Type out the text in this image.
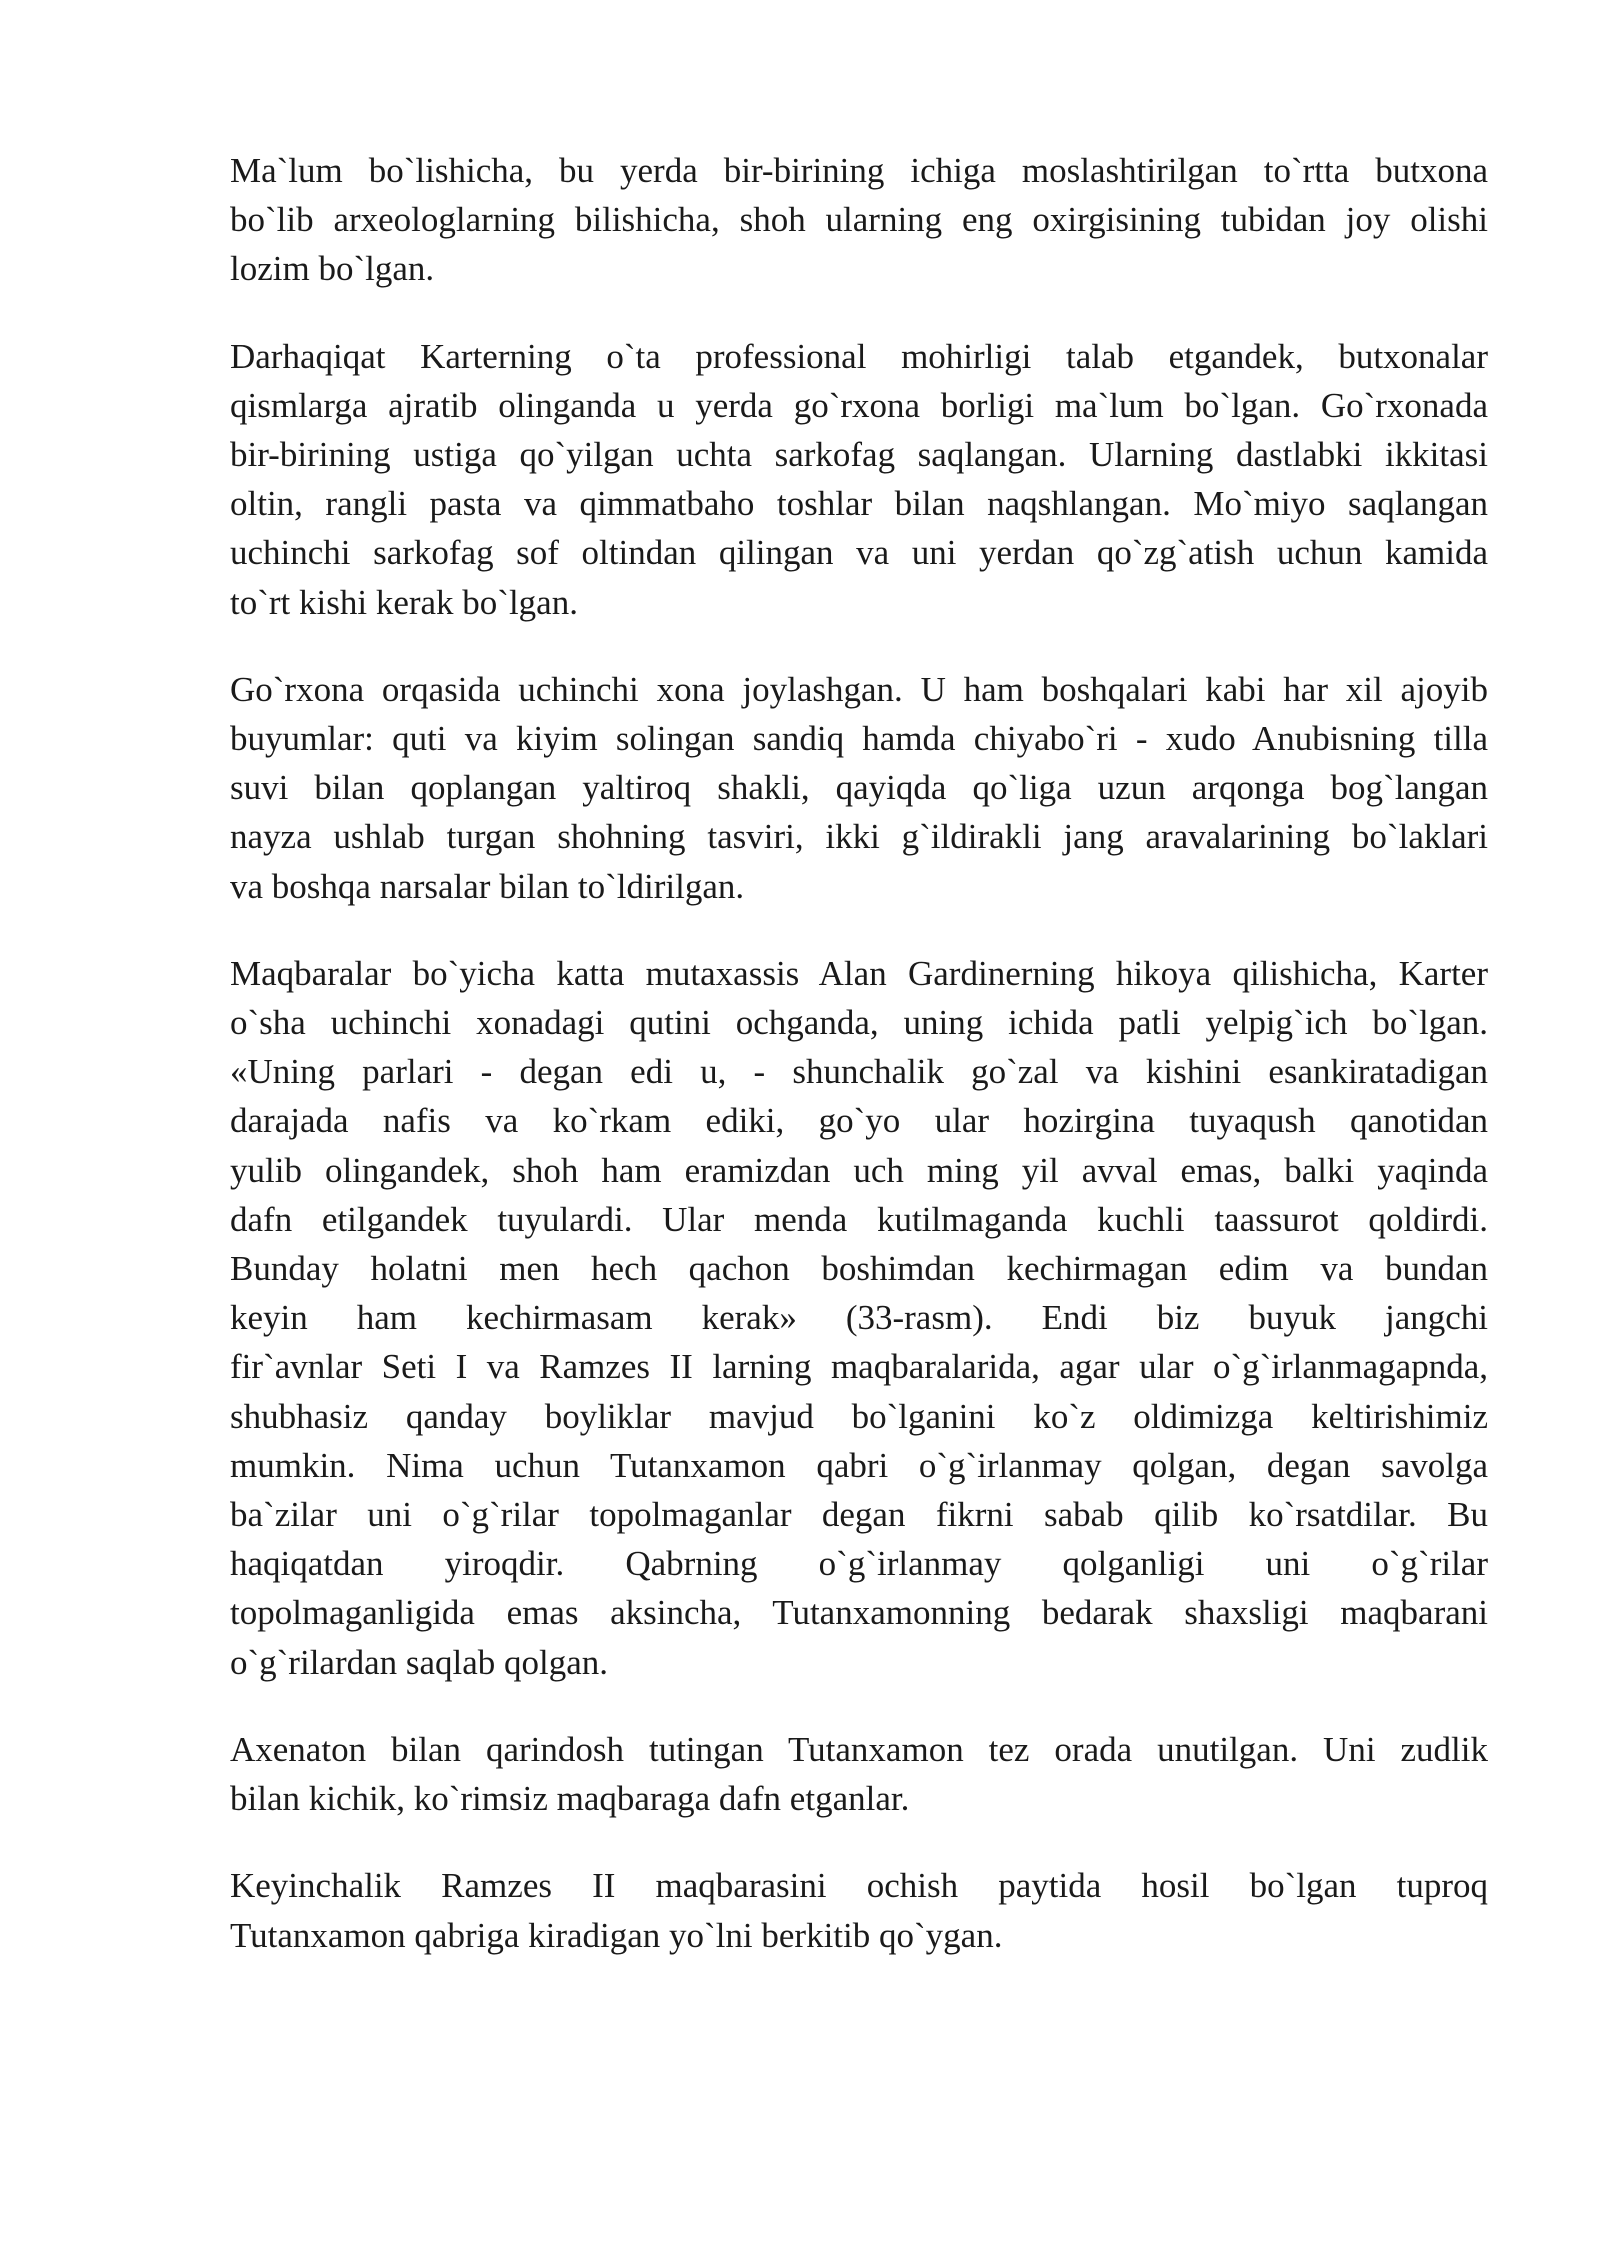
Ma`lum bo`lishicha, bu yerda bir-birining ichiga moslashtirilgan to`rtta butxona
bo`lib arxeologlarning bilishicha, shoh ularning eng oxirgisining tubidan joy olishi
lozim bo`lgan.

Darhaqiqat Karterning o`ta professional mohirligi talab etgandek, butxonalar
qismlarga ajratib olinganda u yerda go`rxona borligi ma`lum bo`lgan. Go`rxonada
bir-birining ustiga qo`yilgan uchta sarkofag saqlangan. Ularning dastlabki ikkitasi
oltin, rangli pasta va qimmatbaho toshlar bilan naqshlangan. Mo`miyo saqlangan
uchinchi sarkofag sof oltindan qilingan va uni yerdan qo`zg`atish uchun kamida
to`rt kishi kerak bo`lgan.

Go`rxona orqasida uchinchi xona joylashgan. U ham boshqalari kabi har xil ajoyib
buyumlar: quti va kiyim solingan sandiq hamda chiyabo`ri - xudo Anubisning tilla
suvi bilan qoplangan yaltiroq shakli, qayiqda qo`liga uzun arqonga bog`langan
nayza ushlab turgan shohning tasviri, ikki g`ildirakli jang aravalarining bo`laklari
va boshqa narsalar bilan to`ldirilgan.

Maqbaralar bo`yicha katta mutaxassis Alan Gardinerning hikoya qilishicha, Karter
o`sha uchinchi xonadagi qutini ochganda, uning ichida patli yelpig`ich bo`lgan.
«Uning parlari - degan edi u, - shunchalik go`zal va kishini esankiratadigan
darajada nafis va ko`rkam ediki, go`yo ular hozirgina tuyaqush qanotidan
yulib olingandek, shoh ham eramizdan uch ming yil avval emas, balki yaqinda
dafn etilgandek tuyulardi. Ular menda kutilmaganda kuchli taassurot qoldirdi.
Bunday holatni men hech qachon boshimdan kechirmagan edim va bundan
keyin ham kechirmasam kerak» (33-rasm). Endi biz buyuk jangchi
fir`avnlar Seti I va Ramzes II larning maqbaralarida, agar ular o`g`irlanmagapnda,
shubhasiz qanday boyliklar mavjud bo`lganini ko`z oldimizga keltirishimiz
mumkin. Nima uchun Tutanxamon qabri o`g`irlanmay qolgan, degan savolga
ba`zilar uni o`g`rilar topolmaganlar degan fikrni sabab qilib ko`rsatdilar. Bu
haqiqatdan yiroqdir. Qabrning o`g`irlanmay qolganligi uni o`g`rilar
topolmaganligida emas aksincha, Tutanxamonning bedarak shaxsligi maqbarani
o`g`rilardan saqlab qolgan.

Axenaton bilan qarindosh tutingan Tutanxamon tez orada unutilgan. Uni zudlik
bilan kichik, ko`rimsiz maqbaraga dafn etganlar.

Keyinchalik Ramzes II maqbarasini ochish paytida hosil bo`lgan tuproq
Tutanxamon qabriga kiradigan yo`lni berkitib qo`ygan.
